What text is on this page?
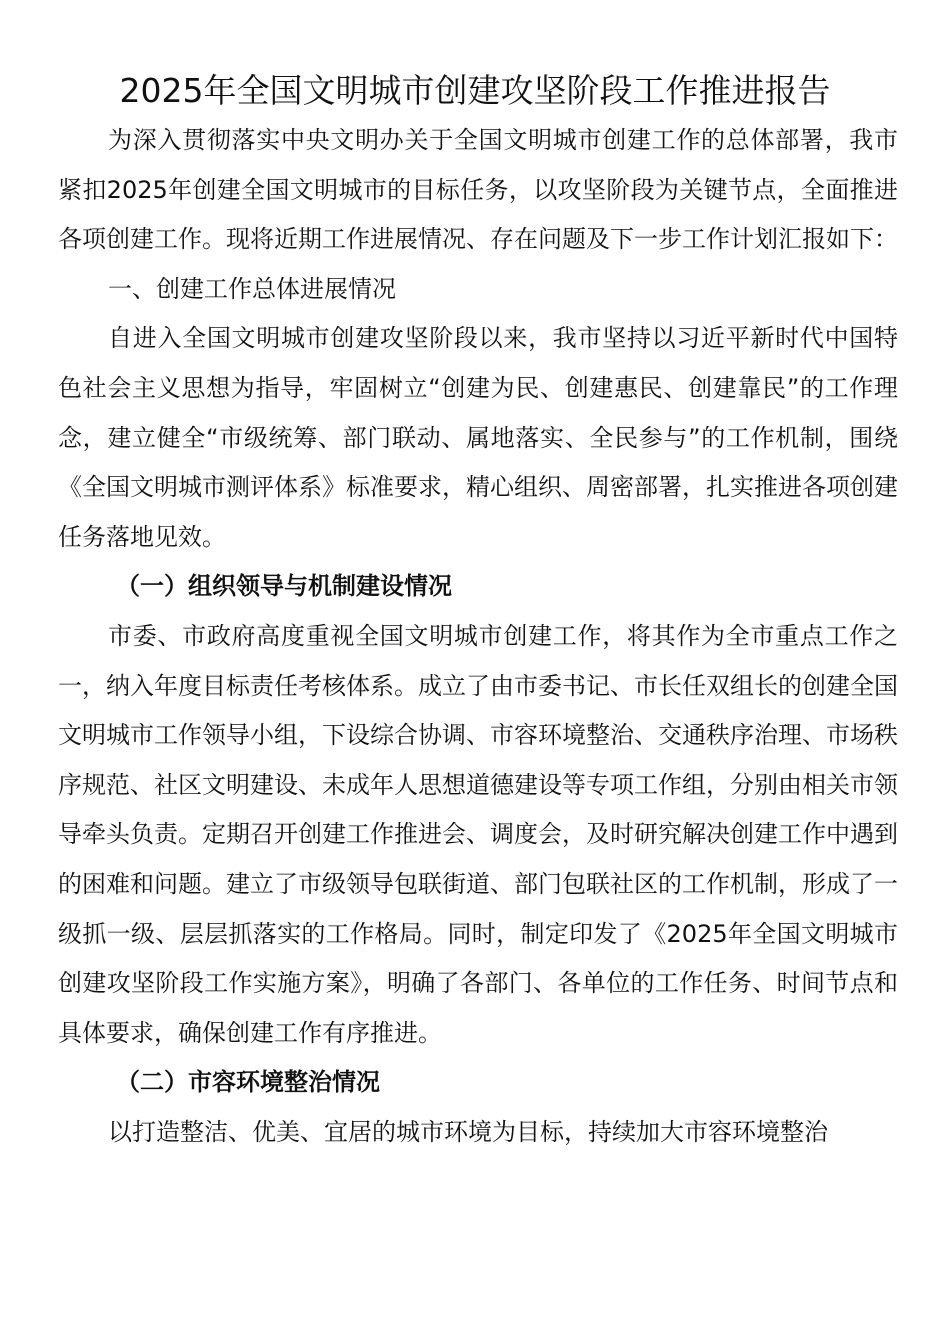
2025年全国文明城市创建攻坚阶段工作推进报告

为深入贯彻落实中央文明办关于全国文明城市创建工作的总体部署，我市紧扣2025年创建全国文明城市的目标任务，以攻坚阶段为关键节点，全面推进各项创建工作。现将近期工作进展情况、存在问题及下一步工作计划汇报如下：

一、创建工作总体进展情况

自进入全国文明城市创建攻坚阶段以来，我市坚持以习近平新时代中国特色社会主义思想为指导，牢固树立“创建为民、创建惠民、创建靠民”的工作理念，建立健全“市级统筹、部门联动、属地落实、全民参与”的工作机制，围绕《全国文明城市测评体系》标准要求，精心组织、周密部署，扎实推进各项创建任务落地见效。

（一）组织领导与机制建设情况

市委、市政府高度重视全国文明城市创建工作，将其作为全市重点工作之一，纳入年度目标责任考核体系。成立了由市委书记、市长任双组长的创建全国文明城市工作领导小组，下设综合协调、市容环境整治、交通秩序治理、市场秩序规范、社区文明建设、未成年人思想道德建设等专项工作组，分别由相关市领导牵头负责。定期召开创建工作推进会、调度会，及时研究解决创建工作中遇到的困难和问题。建立了市级领导包联街道、部门包联社区的工作机制，形成了一级抓一级、层层抓落实的工作格局。同时，制定印发了《2025年全国文明城市创建攻坚阶段工作实施方案》，明确了各部门、各单位的工作任务、时间节点和具体要求，确保创建工作有序推进。

（二）市容环境整治情况

以打造整洁、优美、宜居的城市环境为目标，持续加大市容环境整治
